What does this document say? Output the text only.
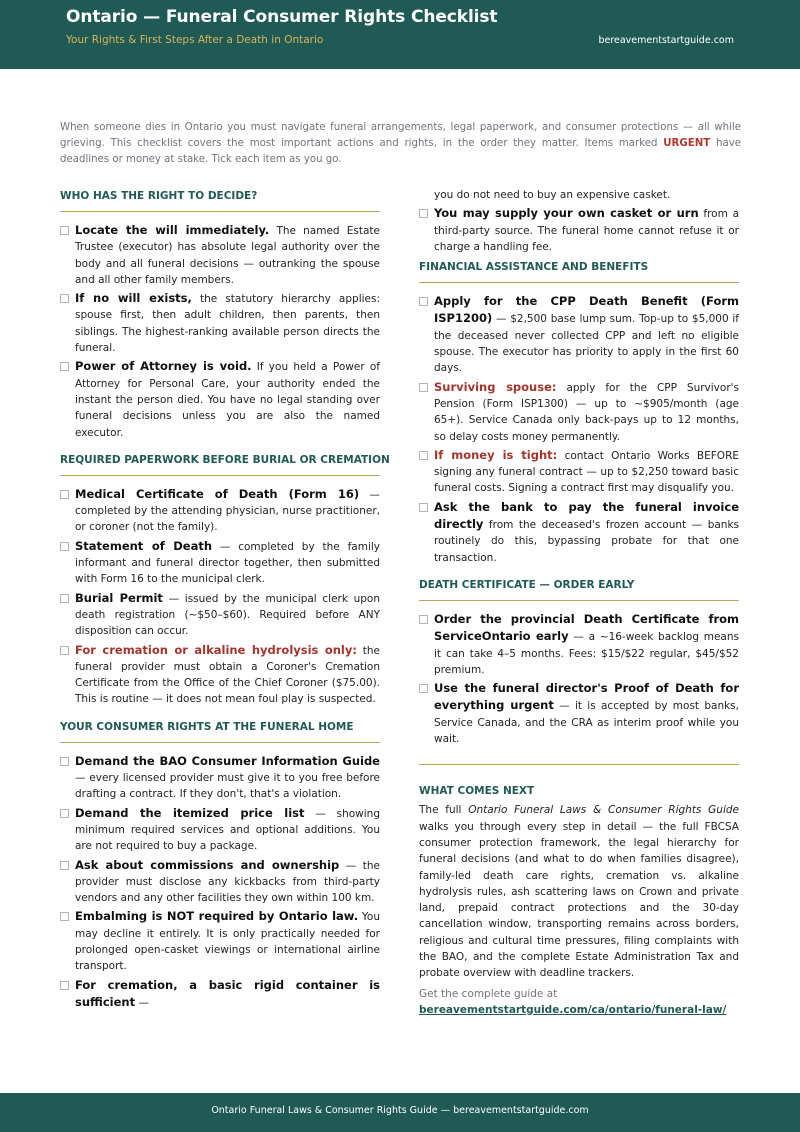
Ontario — Funeral Consumer Rights Checklist
Your Rights & First Steps After a Death in Ontario	bereavementstartguide.com
When someone dies in Ontario you must navigate funeral arrangements, legal paperwork, and consumer protections — all while grieving. This checklist covers the most important actions and rights, in the order they matter. Items marked URGENT have deadlines or money at stake. Tick each item as you go.
WHO HAS THE RIGHT TO DECIDE?
Locate the will immediately. The named Estate Trustee (executor) has absolute legal authority over the body and all funeral decisions — outranking the spouse and all other family members.
If no will exists, the statutory hierarchy applies: spouse first, then adult children, then parents, then siblings. The highest-ranking available person directs the funeral.
Power of Attorney is void. If you held a Power of Attorney for Personal Care, your authority ended the instant the person died. You have no legal standing over funeral decisions unless you are also the named executor.
REQUIRED PAPERWORK BEFORE BURIAL OR CREMATION
Medical Certificate of Death (Form 16) — completed by the attending physician, nurse practitioner, or coroner (not the family).
Statement of Death — completed by the family informant and funeral director together, then submitted with Form 16 to the municipal clerk.
Burial Permit — issued by the municipal clerk upon death registration (~$50–$60). Required before ANY disposition can occur.
For cremation or alkaline hydrolysis only: the funeral provider must obtain a Coroner's Cremation Certificate from the Office of the Chief Coroner ($75.00). This is routine — it does not mean foul play is suspected.
YOUR CONSUMER RIGHTS AT THE FUNERAL HOME
Demand the BAO Consumer Information Guide — every licensed provider must give it to you free before drafting a contract. If they don't, that's a violation.
Demand the itemized price list — showing minimum required services and optional additions. You are not required to buy a package.
Ask about commissions and ownership — the provider must disclose any kickbacks from third-party vendors and any other facilities they own within 100 km.
Embalming is NOT required by Ontario law. You may decline it entirely. It is only practically needed for prolonged open-casket viewings or international airline transport.
For cremation, a basic rigid container is sufficient —
you do not need to buy an expensive casket.
You may supply your own casket or urn from a third-party source. The funeral home cannot refuse it or charge a handling fee.
FINANCIAL ASSISTANCE AND BENEFITS
Apply for the CPP Death Benefit (Form ISP1200) — $2,500 base lump sum. Top-up to $5,000 if the deceased never collected CPP and left no eligible spouse. The executor has priority to apply in the first 60 days.
Surviving spouse: apply for the CPP Survivor's Pension (Form ISP1300) — up to ~$905/month (age 65+). Service Canada only back-pays up to 12 months, so delay costs money permanently.
If money is tight: contact Ontario Works BEFORE signing any funeral contract — up to $2,250 toward basic funeral costs. Signing a contract first may disqualify you.
Ask the bank to pay the funeral invoice directly from the deceased's frozen account — banks routinely do this, bypassing probate for that one transaction.
DEATH CERTIFICATE — ORDER EARLY
Order the provincial Death Certificate from ServiceOntario early — a ~16-week backlog means it can take 4–5 months. Fees: $15/$22 regular, $45/$52 premium.
Use the funeral director's Proof of Death for everything urgent — it is accepted by most banks, Service Canada, and the CRA as interim proof while you wait.
WHAT COMES NEXT
The full Ontario Funeral Laws & Consumer Rights Guide walks you through every step in detail — the full FBCSA consumer protection framework, the legal hierarchy for funeral decisions (and what to do when families disagree), family-led death care rights, cremation vs. alkaline hydrolysis rules, ash scattering laws on Crown and private land, prepaid contract protections and the 30-day cancellation window, transporting remains across borders, religious and cultural time pressures, filing complaints with the BAO, and the complete Estate Administration Tax and probate overview with deadline trackers.
Get the complete guide at
bereavementstartguide.com/ca/ontario/funeral-law/
Ontario Funeral Laws & Consumer Rights Guide — bereavementstartguide.com
